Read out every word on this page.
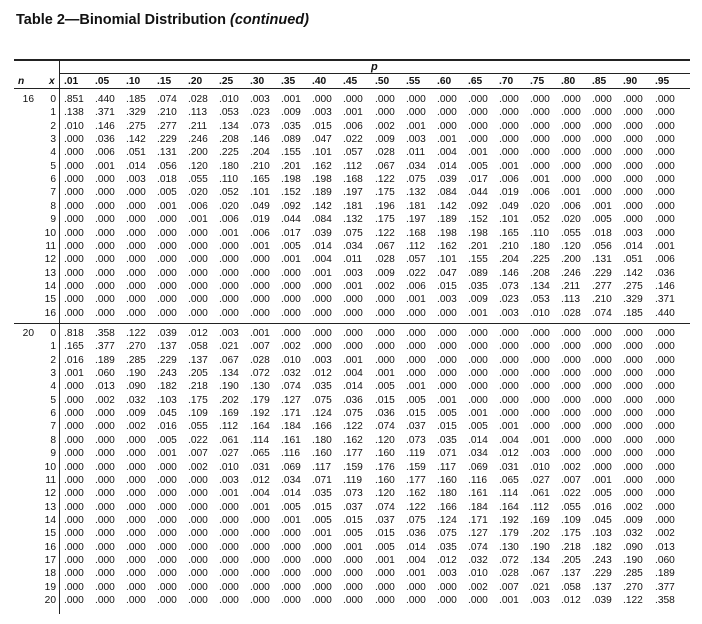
Table 2—Binomial Distribution (continued)
p
n x .01 .05 .10 .15 .20 .25 .30 .35 .40 .45 .50 .55 .60 .65 .70 .75 .80 .85 .90 .95
16	0 .851 .440 .185 .074 .028 .010 .003 .001 .000 .000 .000 .000 .000 .000 .000 .000 .000 .000 .000 .000
1 .138 .371 .329 .210 .113 .053 .023 .009 .003 .001 .000 .000 .000 .000 .000 .000 .000 .000 .000 .000
2 .010 .146 .275 .277 .211 .134 .073 .035 .015 .006 .002 .001 .000 .000 .000 .000 .000 .000 .000 .000
3 .000 .036 .142 .229 .246 .208 .146 .089 .047 .022 .009 .003 .001 .000 .000 .000 .000 .000 .000 .000
4 .000 .006 .051 .131 .200 .225 .204 .155 .101 .057 .028 .011 .004 .001 .000 .000 .000 .000 .000 .000
5 .000 .001 .014 .056 .120 .180 .210 .201 .162 .112 .067 .034 .014 .005 .001 .000 .000 .000 .000 .000
6 .000 .000 .003 .018 .055 .110 .165 .198 .198 .168 .122 .075 .039 .017 .006 .001 .000 .000 .000 .000
7 .000 .000 .000 .005 .020 .052 .101 .152 .189 .197 .175 .132 .084 .044 .019 .006 .001 .000 .000 .000
8 .000 .000 .000 .001 .006 .020 .049 .092 .142 .181 .196 .181 .142 .092 .049 .020 .006 .001 .000 .000
9 .000 .000 .000 .000 .001 .006 .019 .044 .084 .132 .175 .197 .189 .152 .101 .052 .020 .005 .000 .000
10 .000 .000 .000 .000 .000 .001 .006 .017 .039 .075 .122 .168 .198 .198 .165 .110 .055 .018 .003 .000
11 .000 .000 .000 .000 .000 .000 .001 .005 .014 .034 .067 .112 .162 .201 .210 .180 .120 .056 .014 .001
12 .000 .000 .000 .000 .000 .000 .000 .001 .004 .011 .028 .057 .101 .155 .204 .225 .200 .131 .051 .006
13 .000 .000 .000 .000 .000 .000 .000 .000 .001 .003 .009 .022 .047 .089 .146 .208 .246 .229 .142 .036
14 .000 .000 .000 .000 .000 .000 .000 .000 .000 .001 .002 .006 .015 .035 .073 .134 .211 .277 .275 .146
15 .000 .000 .000 .000 .000 .000 .000 .000 .000 .000 .000 .001 .003 .009 .023 .053 .113 .210 .329 .371
16 .000 .000 .000 .000 .000 .000 .000 .000 .000 .000 .000 .000 .000 .001 .003 .010 .028 .074 .185 .440
20	0 .818 .358 .122 .039 .012 .003 .001 .000 .000 .000 .000 .000 .000 .000 .000 .000 .000 .000 .000 .000
1 .165 .377 .270 .137 .058 .021 .007 .002 .000 .000 .000 .000 .000 .000 .000 .000 .000 .000 .000 .000
2 .016 .189 .285 .229 .137 .067 .028 .010 .003 .001 .000 .000 .000 .000 .000 .000 .000 .000 .000 .000
3 .001 .060 .190 .243 .205 .134 .072 .032 .012 .004 .001 .000 .000 .000 .000 .000 .000 .000 .000 .000
4 .000 .013 .090 .182 .218 .190 .130 .074 .035 .014 .005 .001 .000 .000 .000 .000 .000 .000 .000 .000
5 .000 .002 .032 .103 .175 .202 .179 .127 .075 .036 .015 .005 .001 .000 .000 .000 .000 .000 .000 .000
6 .000 .000 .009 .045 .109 .169 .192 .171 .124 .075 .036 .015 .005 .001 .000 .000 .000 .000 .000 .000
7 .000 .000 .002 .016 .055 .112 .164 .184 .166 .122 .074 .037 .015 .005 .001 .000 .000 .000 .000 .000
8 .000 .000 .000 .005 .022 .061 .114 .161 .180 .162 .120 .073 .035 .014 .004 .001 .000 .000 .000 .000
9 .000 .000 .000 .001 .007 .027 .065 .116 .160 .177 .160 .119 .071 .034 .012 .003 .000 .000 .000 .000
10 .000 .000 .000 .000 .002 .010 .031 .069 .117 .159 .176 .159 .117 .069 .031 .010 .002 .000 .000 .000
11 .000 .000 .000 .000 .000 .003 .012 .034 .071 .119 .160 .177 .160 .116 .065 .027 .007 .001 .000 .000
12 .000 .000 .000 .000 .000 .001 .004 .014 .035 .073 .120 .162 .180 .161 .114 .061 .022 .005 .000 .000
13 .000 .000 .000 .000 .000 .000 .001 .005 .015 .037 .074 .122 .166 .184 .164 .112 .055 .016 .002 .000
14 .000 .000 .000 .000 .000 .000 .000 .001 .005 .015 .037 .075 .124 .171 .192 .169 .109 .045 .009 .000
15 .000 .000 .000 .000 .000 .000 .000 .000 .001 .005 .015 .036 .075 .127 .179 .202 .175 .103 .032 .002
16 .000 .000 .000 .000 .000 .000 .000 .000 .000 .001 .005 .014 .035 .074 .130 .190 .218 .182 .090 .013
17 .000 .000 .000 .000 .000 .000 .000 .000 .000 .000 .001 .004 .012 .032 .072 .134 .205 .243 .190 .060
18 .000 .000 .000 .000 .000 .000 .000 .000 .000 .000 .000 .001 .003 .010 .028 .067 .137 .229 .285 .189
19 .000 .000 .000 .000 .000 .000 .000 .000 .000 .000 .000 .000 .000 .002 .007 .021 .058 .137 .270 .377
20 .000 .000 .000 .000 .000 .000 .000 .000 .000 .000 .000 .000 .000 .000 .001 .003 .012 .039 .122 .358
